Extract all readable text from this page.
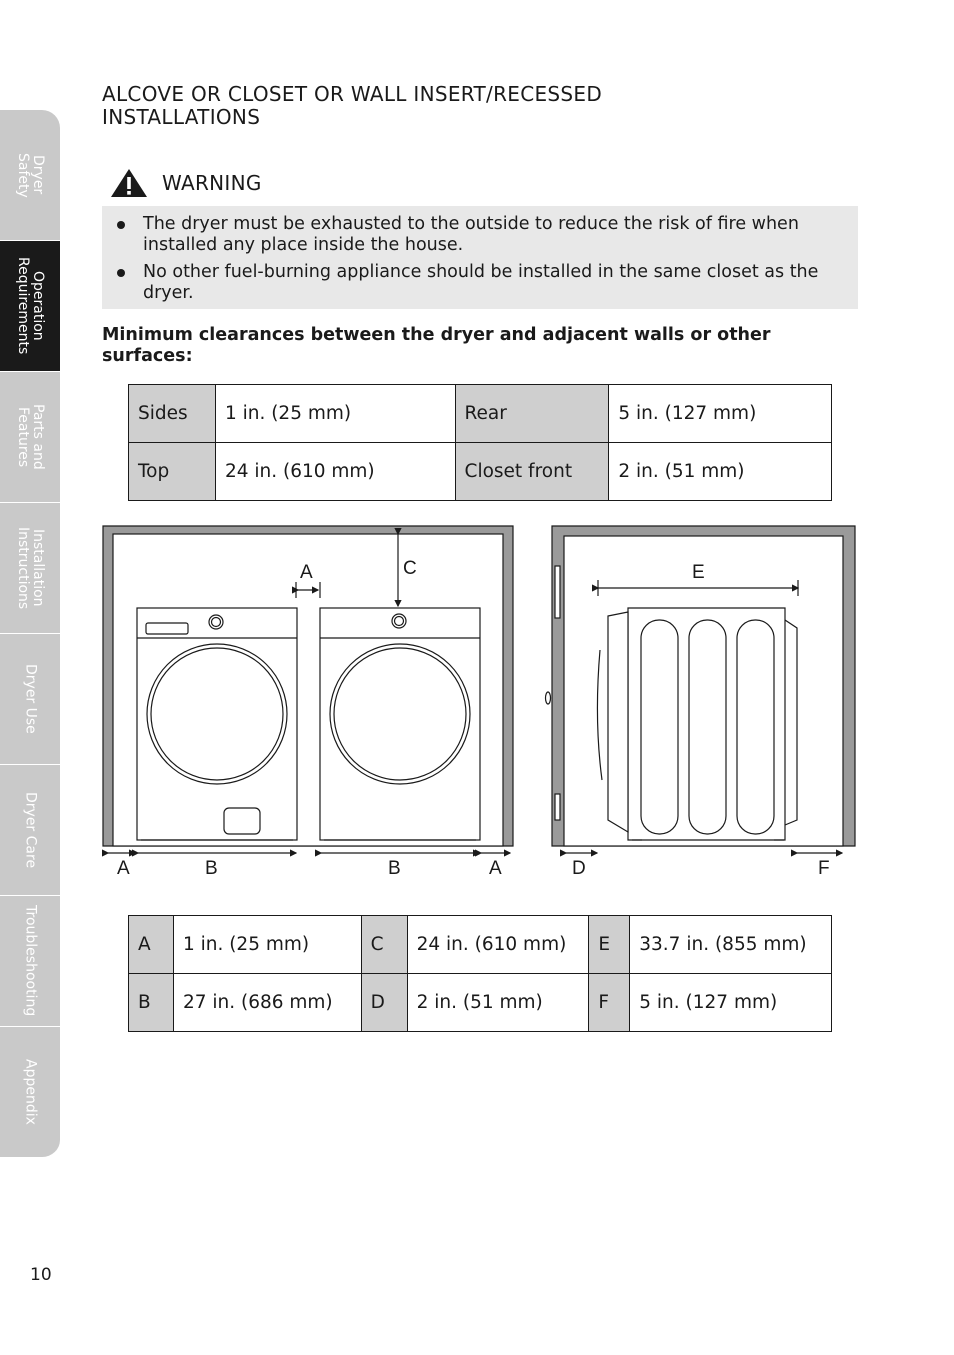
Dryer
Safety
Operation
Requirements
Parts and
Features
Installation
Instructions
Dryer Use
Dryer Care
Troubleshooting
Appendix
10
ALCOVE OR CLOSET OR WALL INSERT/RECESSED
INSTALLATIONS
WARNING
The dryer must be exhausted to the outside to reduce the risk of fire when installed any place inside the house.
No other fuel-burning appliance should be installed in the same closet as the dryer.

Minimum clearances between the dryer and adjacent walls or other surfaces:

Sides	1 in. (25 mm)	Rear	5 in. (127 mm)
Top	24 in. (610 mm)	Closet front	2 in. (51 mm)
A	C
A	B	B	A
E
D	F
A	1 in. (25 mm)	C	24 in. (610 mm)	E	33.7 in. (855 mm)
B	27 in. (686 mm)	D	2 in. (51 mm)	F	5 in. (127 mm)
